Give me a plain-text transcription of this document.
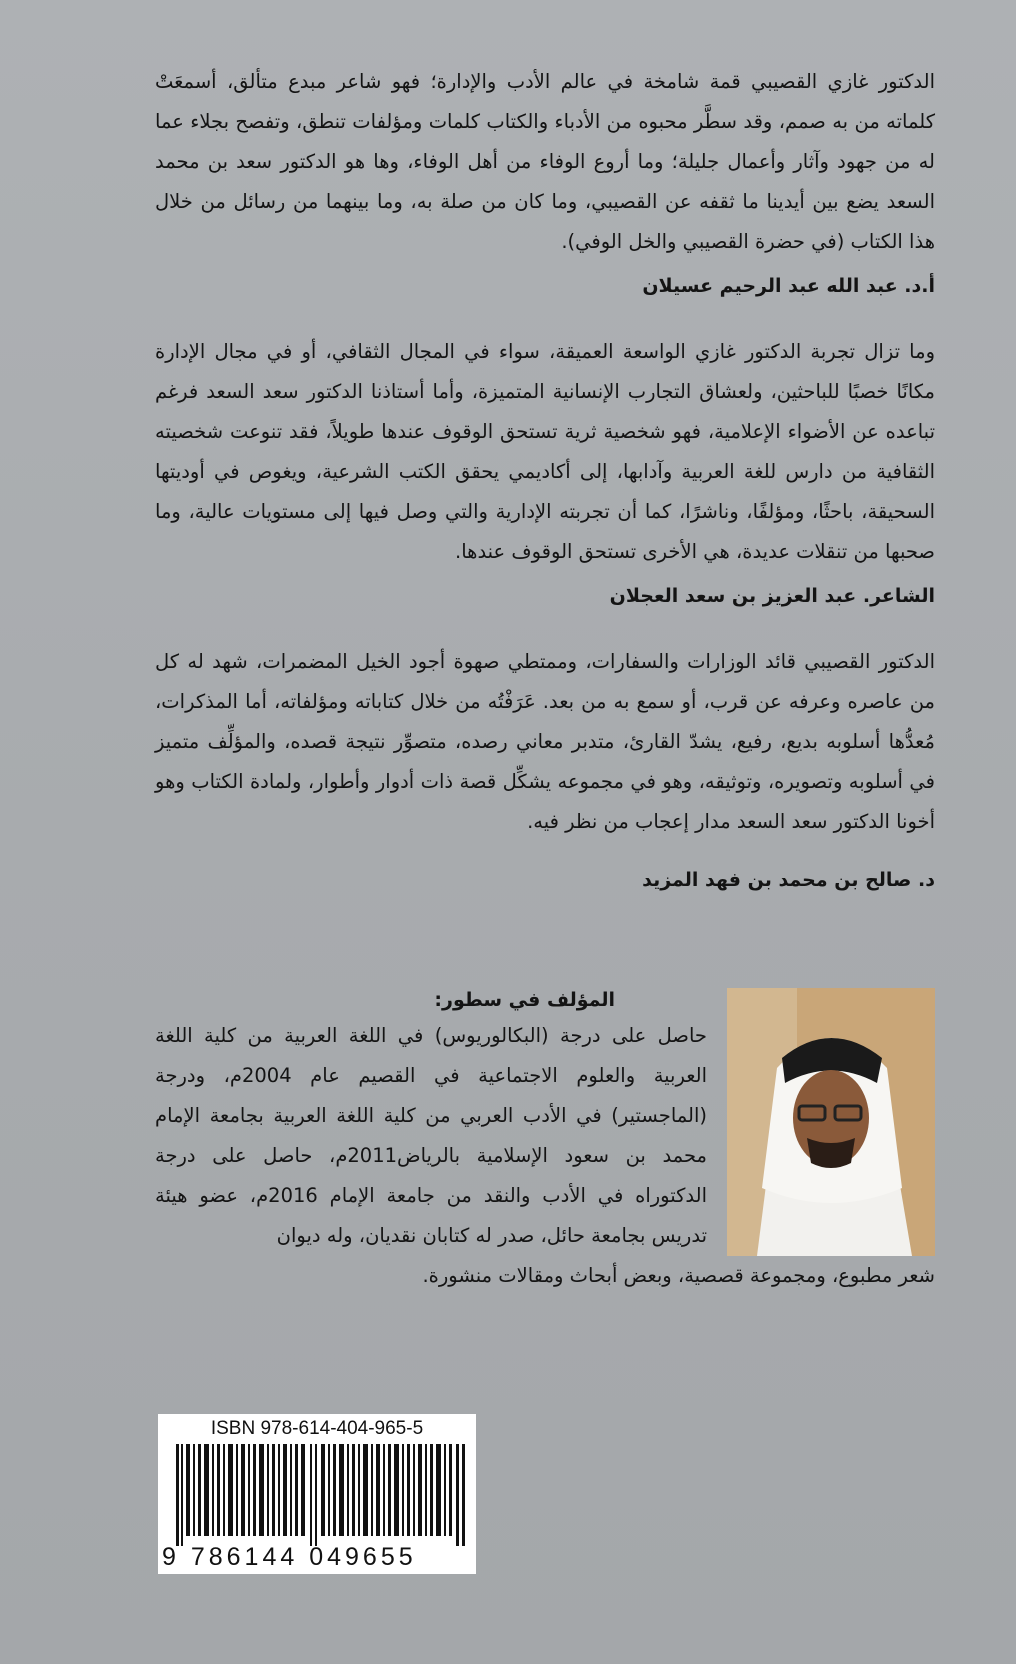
الدكتور غازي القصيبي قمة شامخة في عالم الأدب والإدارة؛ فهو شاعر مبدع متألق، أسمعَتْ كلماته من به صمم، وقد سطَّر محبوه من الأدباء والكتاب كلمات ومؤلفات تنطق، وتفصح بجلاء عما له من جهود وآثار وأعمال جليلة؛ وما أروع الوفاء من أهل الوفاء، وها هو الدكتور سعد بن محمد السعد يضع بين أيدينا ما ثقفه عن القصيبي، وما كان من صلة به، وما بينهما من رسائل من خلال هذا الكتاب (في حضرة القصيبي والخل الوفي).

أ.د. عبد الله عبد الرحيم عسيلان

وما تزال تجربة الدكتور غازي الواسعة العميقة، سواء في المجال الثقافي، أو في مجال الإدارة مكانًا خصبًا للباحثين، ولعشاق التجارب الإنسانية المتميزة، وأما أستاذنا الدكتور سعد السعد فرغم تباعده عن الأضواء الإعلامية، فهو شخصية ثرية تستحق الوقوف عندها طويلاً، فقد تنوعت شخصيته الثقافية من دارس للغة العربية وآدابها، إلى أكاديمي يحقق الكتب الشرعية، ويغوص في أوديتها السحيقة، باحثًا، ومؤلفًا، وناشرًا، كما أن تجربته الإدارية والتي وصل فيها إلى مستويات عالية، وما صحبها من تنقلات عديدة، هي الأخرى تستحق الوقوف عندها.

الشاعر. عبد العزيز بن سعد العجلان

الدكتور القصيبي قائد الوزارات والسفارات، وممتطي صهوة أجود الخيل المضمرات، شهد له كل من عاصره وعرفه عن قرب، أو سمع به من بعد. عَرَفْتُه من خلال كتاباته ومؤلفاته، أما المذكرات، مُعدُّها أسلوبه بديع، رفيع، يشدّ القارئ، متدبر معاني رصده، متصوِّر نتيجة قصده، والمؤلِّف متميز في أسلوبه وتصويره، وتوثيقه، وهو في مجموعه يشكِّل قصة ذات أدوار وأطوار، ولمادة الكتاب وهو أخونا الدكتور سعد السعد مدار إعجاب من نظر فيه.

د. صالح بن محمد بن فهد المزيد

المؤلف في سطور:

حاصل على درجة (البكالوريوس) في اللغة العربية من كلية اللغة العربية والعلوم الاجتماعية في القصيم عام 2004م، ودرجة (الماجستير) في الأدب العربي من كلية اللغة العربية بجامعة الإمام محمد بن سعود الإسلامية بالرياض2011م، حاصل على درجة الدكتوراه في الأدب والنقد من جامعة الإمام 2016م، عضو هيئة تدريس بجامعة حائل، صدر له كتابان نقديان، وله ديوان

شعر مطبوع، ومجموعة قصصية، وبعض أبحاث ومقالات منشورة.

ISBN 978-614-404-965-5
9 786144 049655
